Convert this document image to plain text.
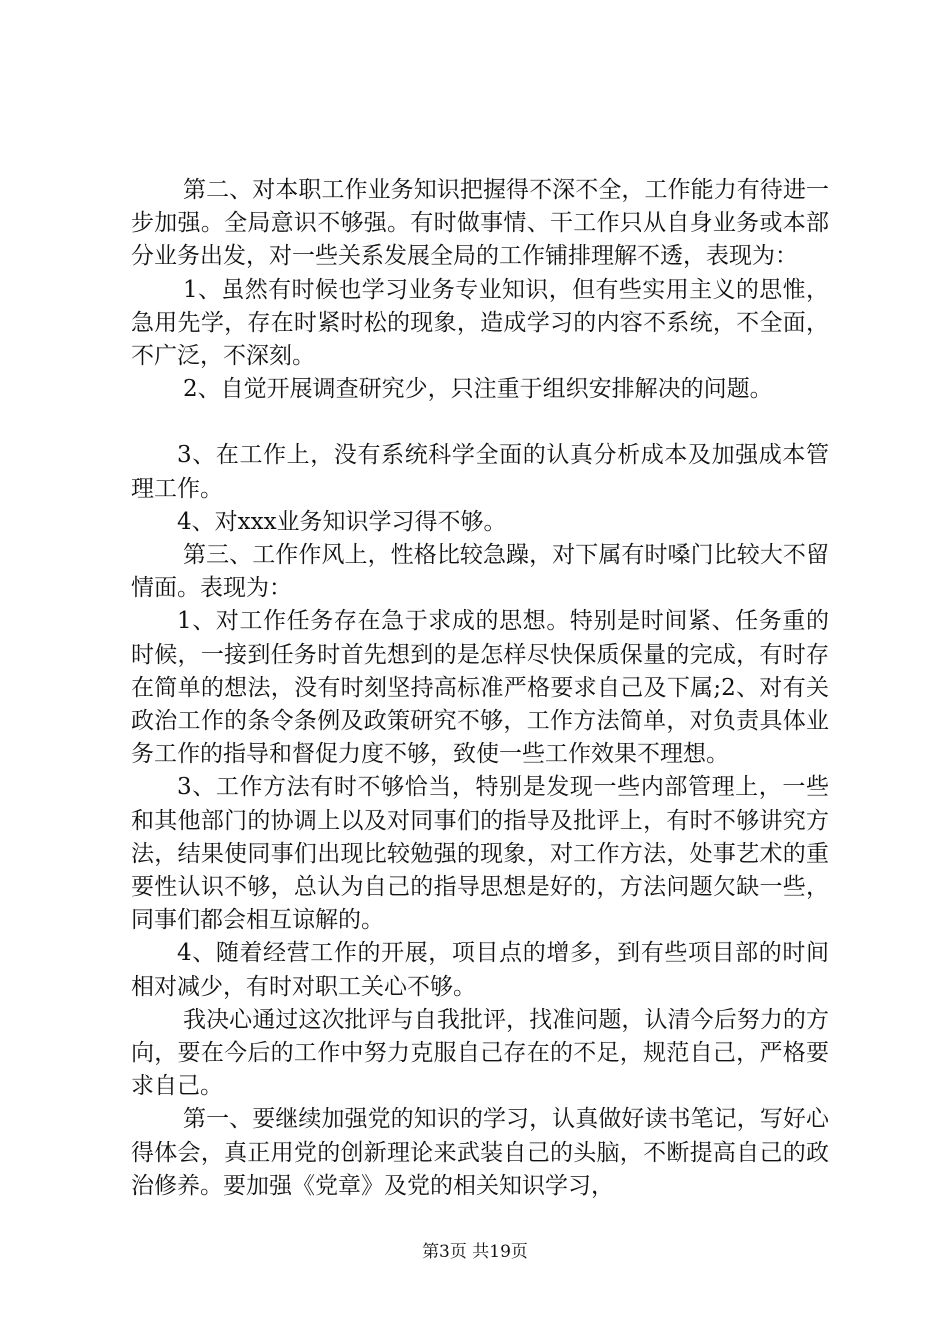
第二、对本职工作业务知识把握得不深不全，工作能力有待进一步加强。全局意识不够强。有时做事情、干工作只从自身业务或本部分业务出发，对一些关系发展全局的工作铺排理解不透，表现为：

1、虽然有时候也学习业务专业知识，但有些实用主义的思惟，急用先学，存在时紧时松的现象，造成学习的内容不系统，不全面，不广泛，不深刻。

2、自觉开展调查研究少，只注重于组织安排解决的问题。

3、在工作上，没有系统科学全面的认真分析成本及加强成本管理工作。

4、对xxx业务知识学习得不够。

第三、工作作风上，性格比较急躁，对下属有时嗓门比较大不留情面。表现为：

1、对工作任务存在急于求成的思想。特别是时间紧、任务重的时候，一接到任务时首先想到的是怎样尽快保质保量的完成，有时存在简单的想法，没有时刻坚持高标准严格要求自己及下属;2、对有关政治工作的条令条例及政策研究不够，工作方法简单，对负责具体业务工作的指导和督促力度不够，致使一些工作效果不理想。

3、工作方法有时不够恰当，特别是发现一些内部管理上，一些和其他部门的协调上以及对同事们的指导及批评上，有时不够讲究方法，结果使同事们出现比较勉强的现象，对工作方法，处事艺术的重要性认识不够，总认为自己的指导思想是好的，方法问题欠缺一些，同事们都会相互谅解的。

4、随着经营工作的开展，项目点的增多，到有些项目部的时间相对减少，有时对职工关心不够。

我决心通过这次批评与自我批评，找准问题，认清今后努力的方向，要在今后的工作中努力克服自己存在的不足，规范自己，严格要求自己。

第一、要继续加强党的知识的学习，认真做好读书笔记，写好心得体会，真正用党的创新理论来武装自己的头脑，不断提高自己的政治修养。要加强《党章》及党的相关知识学习，

第3页 共19页
